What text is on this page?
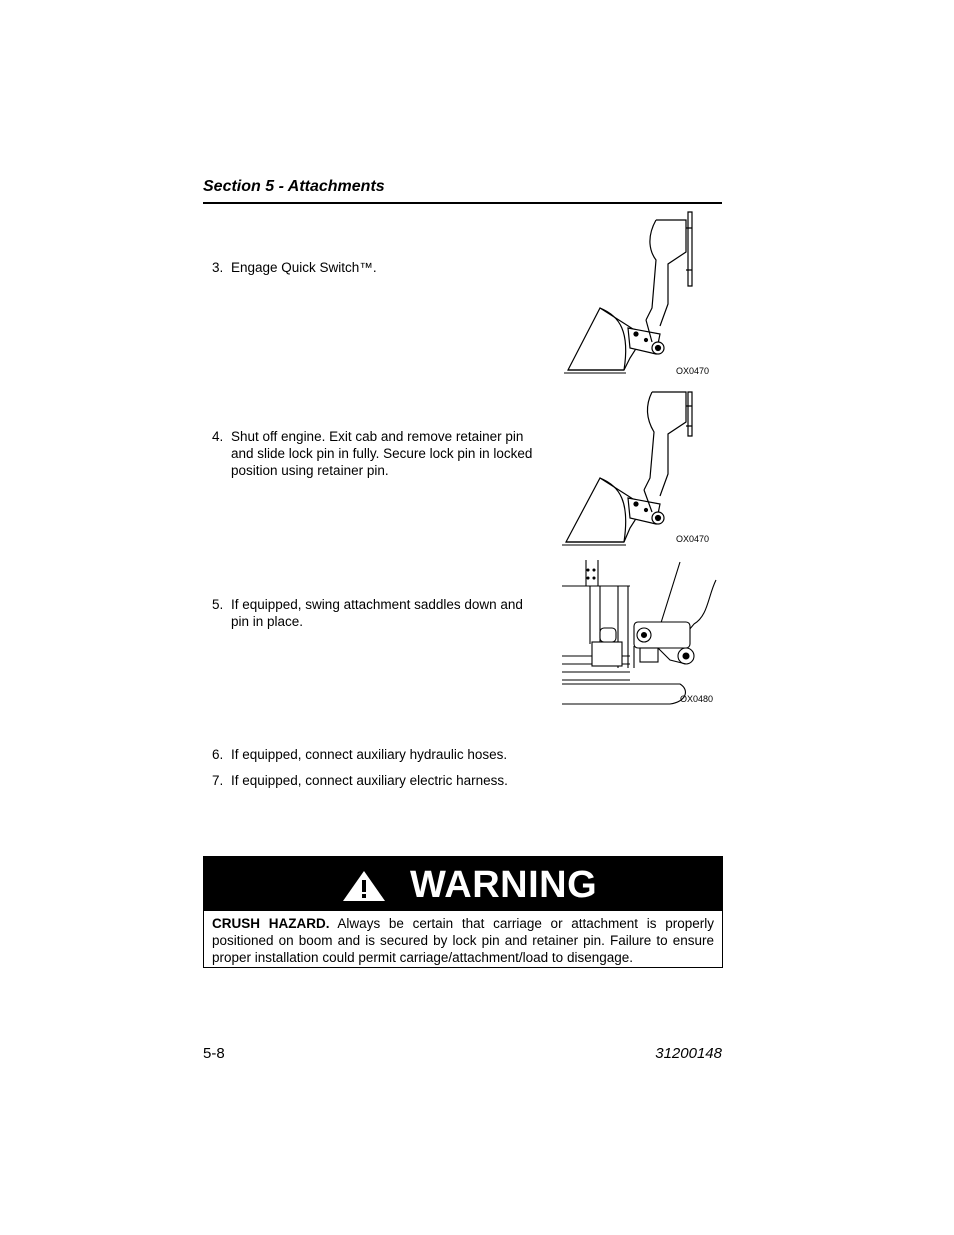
Section 5 - Attachments
3. Engage Quick Switch™.
4. Shut off engine. Exit cab and remove retainer pin and slide lock pin in fully. Secure lock pin in locked position using retainer pin.
5. If equipped, swing attachment saddles down and pin in place.
6. If equipped, connect auxiliary hydraulic hoses.
7. If equipped, connect auxiliary electric harness.
OX0470
OX0470
OX0480
WARNING
CRUSH HAZARD. Always be certain that carriage or attachment is properly positioned on boom and is secured by lock pin and retainer pin. Failure to ensure proper installation could permit carriage/attachment/load to disengage.
5-8	31200148
